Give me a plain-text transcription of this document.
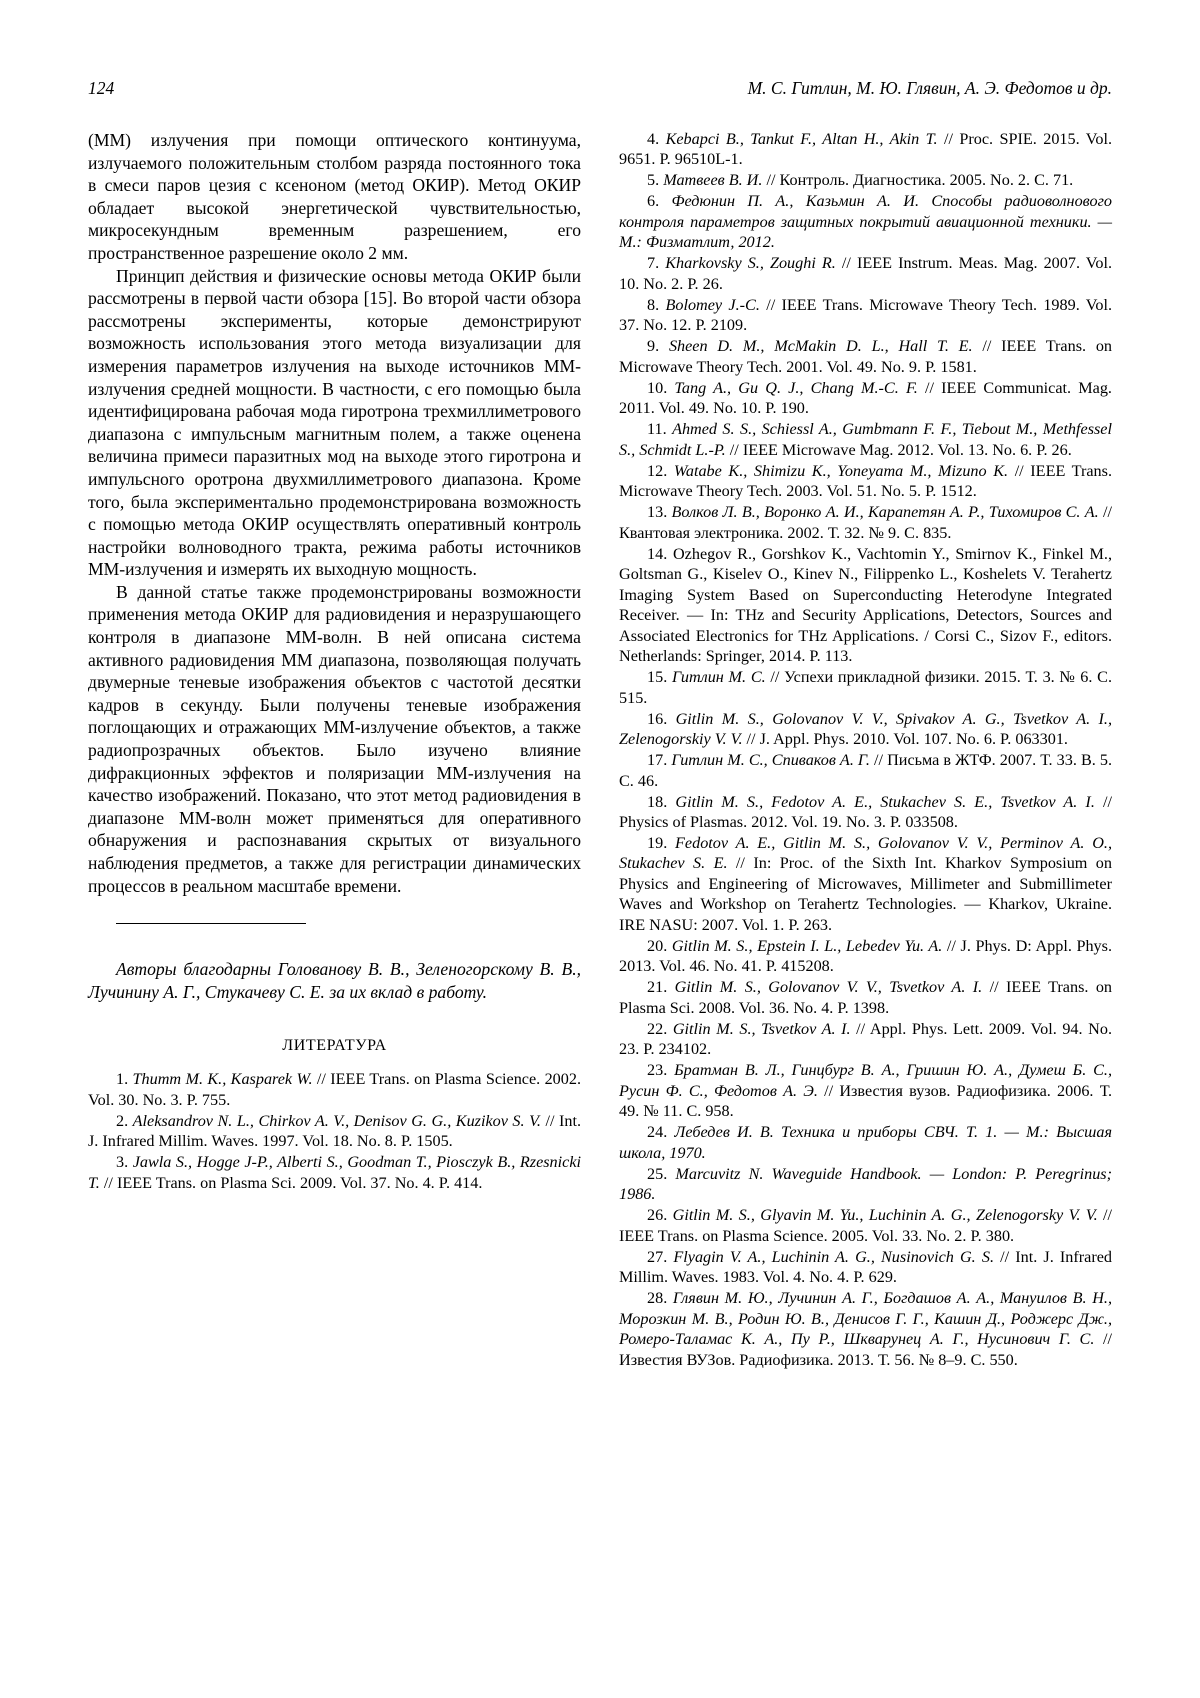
124	М. С. Гитлин, М. Ю. Глявин, А. Э. Федотов и др.

(ММ) излучения при помощи оптического континуума, излучаемого положительным столбом разряда постоянного тока в смеси паров цезия с ксеноном (метод ОКИР). Метод ОКИР обладает высокой энергетической чувствительностью, микросекундным временным разрешением, его пространственное разрешение около 2 мм.

Принцип действия и физические основы метода ОКИР были рассмотрены в первой части обзора [15]. Во второй части обзора рассмотрены эксперименты, которые демонстрируют возможность использования этого метода визуализации для измерения параметров излучения на выходе источников ММ-излучения средней мощности. В частности, с его помощью была идентифицирована рабочая мода гиротрона трехмиллиметрового диапазона с импульсным магнитным полем, а также оценена величина примеси паразитных мод на выходе этого гиротрона и импульсного оротрона двухмиллиметрового диапазона. Кроме того, была экспериментально продемонстрирована возможность с помощью метода ОКИР осуществлять оперативный контроль настройки волноводного тракта, режима работы источников ММ-излучения и измерять их выходную мощность.

В данной статье также продемонстрированы возможности применения метода ОКИР для радиовидения и неразрушающего контроля в диапазоне ММ-волн. В ней описана система активного радиовидения ММ диапазона, позволяющая получать двумерные теневые изображения объектов с частотой десятки кадров в секунду. Были получены теневые изображения поглощающих и отражающих ММ-излучение объектов, а также радиопрозрачных объектов. Было изучено влияние дифракционных эффектов и поляризации ММ-излучения на качество изображений. Показано, что этот метод радиовидения в диапазоне ММ-волн может применяться для оперативного обнаружения и распознавания скрытых от визуального наблюдения предметов, а также для регистрации динамических процессов в реальном масштабе времени.

Авторы благодарны Голованову В. В., Зеленогорскому В. В., Лучинину А. Г., Стукачеву С. Е. за их вклад в работу.

ЛИТЕРАТУРА
1. Thumm M. K., Kasparek W. // IEEE Trans. on Plasma Science. 2002. Vol. 30. No. 3. P. 755.
2. Aleksandrov N. L., Chirkov A. V., Denisov G. G., Kuzikov S. V. // Int. J. Infrared Millim. Waves. 1997. Vol. 18. No. 8. P. 1505.
3. Jawla S., Hogge J-P., Alberti S., Goodman T., Piosczyk B., Rzesnicki T. // IEEE Trans. on Plasma Sci. 2009. Vol. 37. No. 4. P. 414.
4. Kebapci B., Tankut F., Altan H., Akin T. // Proc. SPIE. 2015. Vol. 9651. P. 96510L-1.
5. Матвеев В. И. // Контроль. Диагностика. 2005. No. 2. C. 71.
6. Федюнин П. А., Казьмин А. И. Способы радиоволнового контроля параметров защитных покрытий авиационной техники. — М.: Физматлит, 2012.
7. Kharkovsky S., Zoughi R. // IEEE Instrum. Meas. Mag. 2007. Vol. 10. No. 2. P. 26.
8. Bolomey J.-C. // IEEE Trans. Microwave Theory Tech. 1989. Vol. 37. No. 12. P. 2109.
9. Sheen D. M., McMakin D. L., Hall T. E. // IEEE Trans. on Microwave Theory Tech. 2001. Vol. 49. No. 9. P. 1581.
10. Tang A., Gu Q. J., Chang M.-C. F. // IEEE Communicat. Mag. 2011. Vol. 49. No. 10. P. 190.
11. Ahmed S. S., Schiessl A., Gumbmann F. F., Tiebout M., Methfessel S., Schmidt L.-P. // IEEE Microwave Mag. 2012. Vol. 13. No. 6. P. 26.
12. Watabe K., Shimizu K., Yoneyama M., Mizuno K. // IEEE Trans. Microwave Theory Tech. 2003. Vol. 51. No. 5. P. 1512.
13. Волков Л. В., Воронко А. И., Карапетян А. Р., Тихомиров С. А. // Квантовая электроника. 2002. Т. 32. № 9. С. 835.
14. Ozhegov R., Gorshkov K., Vachtomin Y., Smirnov K., Finkel M., Goltsman G., Kiselev O., Kinev N., Filippenko L., Koshelets V. Terahertz Imaging System Based on Superconducting Heterodyne Integrated Receiver. — In: THz and Security Applications, Detectors, Sources and Associated Electronics for THz Applications. / Corsi C., Sizov F., editors. Netherlands: Springer, 2014. P. 113.
15. Гитлин М. С. // Успехи прикладной физики. 2015. Т. 3. № 6. С. 515.
16. Gitlin M. S., Golovanov V. V., Spivakov A. G., Tsvetkov A. I., Zelenogorskiy V. V. // J. Appl. Phys. 2010. Vol. 107. No. 6. P. 063301.
17. Гитлин М. С., Спиваков А. Г. // Письма в ЖТФ. 2007. Т. 33. В. 5. С. 46.
18. Gitlin M. S., Fedotov A. E., Stukachev S. E., Tsvetkov A. I. // Physics of Plasmas. 2012. Vol. 19. No. 3. P. 033508.
19. Fedotov A. E., Gitlin M. S., Golovanov V. V., Perminov A. O., Stukachev S. E. // In: Proc. of the Sixth Int. Kharkov Symposium on Physics and Engineering of Microwaves, Millimeter and Submillimeter Waves and Workshop on Terahertz Technologies. — Kharkov, Ukraine. IRE NASU: 2007. Vol. 1. P. 263.
20. Gitlin M. S., Epstein I. L., Lebedev Yu. A. // J. Phys. D: Appl. Phys. 2013. Vol. 46. No. 41. P. 415208.
21. Gitlin M. S., Golovanov V. V., Tsvetkov A. I. // IEEE Trans. on Plasma Sci. 2008. Vol. 36. No. 4. P. 1398.
22. Gitlin M. S., Tsvetkov A. I. // Appl. Phys. Lett. 2009. Vol. 94. No. 23. P. 234102.
23. Братман В. Л., Гинцбург В. А., Гришин Ю. А., Думеш Б. С., Русин Ф. С., Федотов А. Э. // Известия вузов. Радиофизика. 2006. Т. 49. № 11. С. 958.
24. Лебедев И. В. Техника и приборы СВЧ. Т. 1. — М.: Высшая школа, 1970.
25. Marcuvitz N. Waveguide Handbook. — London: P. Peregrinus; 1986.
26. Gitlin M. S., Glyavin M. Yu., Luchinin A. G., Zelenogorsky V. V. // IEEE Trans. on Plasma Science. 2005. Vol. 33. No. 2. P. 380.
27. Flyagin V. A., Luchinin A. G., Nusinovich G. S. // Int. J. Infrared Millim. Waves. 1983. Vol. 4. No. 4. P. 629.
28. Глявин М. Ю., Лучинин А. Г., Богдашов А. А., Мануилов В. Н., Морозкин М. В., Родин Ю. В., Денисов Г. Г., Кашин Д., Роджерс Дж., Ромеро-Таламас К. А., Пу Р., Шкварунец А. Г., Нусинович Г. С. // Известия ВУЗов. Радиофизика. 2013. Т. 56. № 8–9. С. 550.
